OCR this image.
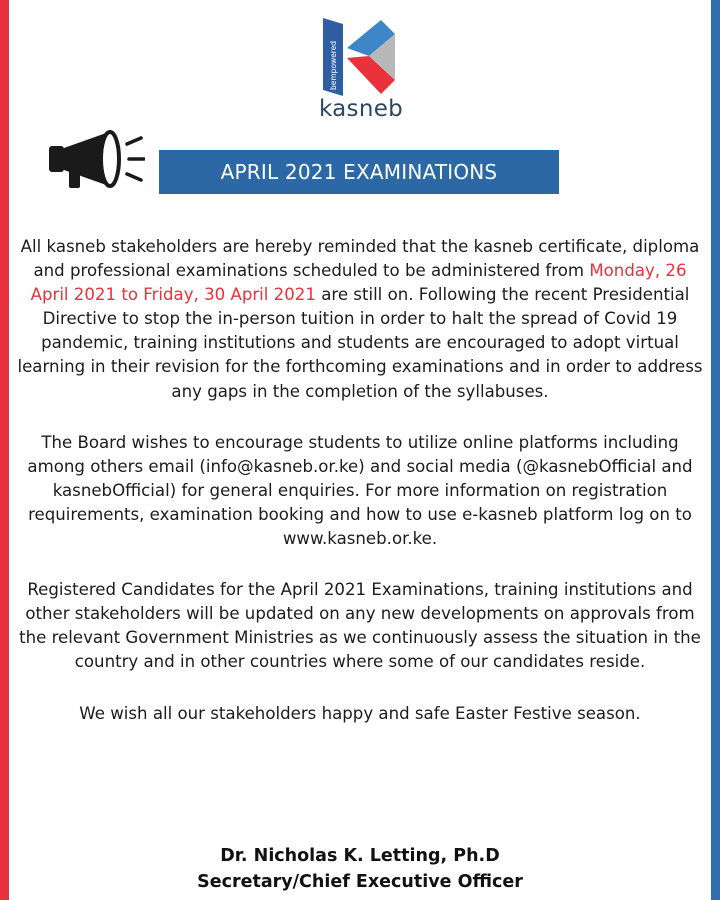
bempowered
kasneb
APRIL 2021 EXAMINATIONS

All kasneb stakeholders are hereby reminded that the kasneb certificate, diploma and professional examinations scheduled to be administered from Monday, 26 April 2021 to Friday, 30 April 2021 are still on. Following the recent Presidential Directive to stop the in-person tuition in order to halt the spread of Covid 19 pandemic, training institutions and students are encouraged to adopt virtual learning in their revision for the forthcoming examinations and in order to address any gaps in the completion of the syllabuses.

The Board wishes to encourage students to utilize online platforms including among others email (info@kasneb.or.ke) and social media (@kasnebOfficial and kasnebOfficial) for general enquiries. For more information on registration requirements, examination booking and how to use e-kasneb platform log on to www.kasneb.or.ke.

Registered Candidates for the April 2021 Examinations, training institutions and other stakeholders will be updated on any new developments on approvals from the relevant Government Ministries as we continuously assess the situation in the country and in other countries where some of our candidates reside.

We wish all our stakeholders happy and safe Easter Festive season.

Dr. Nicholas K. Letting, Ph.D
Secretary/Chief Executive Officer
